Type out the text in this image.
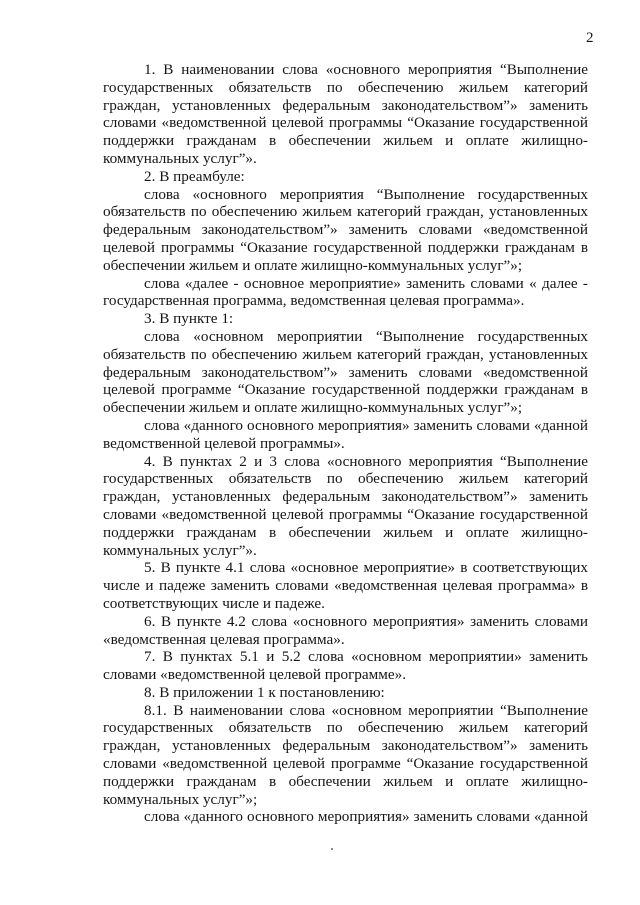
2
1. В наименовании слова «основного мероприятия “Выполнение
государственных обязательств по обеспечению жильем категорий
граждан, установленных федеральным законодательством”» заменить
словами «ведомственной целевой программы “Оказание государственной
поддержки гражданам в обеспечении жильем и оплате жилищно-
коммунальных услуг”».
2. В преамбуле:
слова «основного мероприятия “Выполнение государственных
обязательств по обеспечению жильем категорий граждан, установленных
федеральным законодательством”» заменить словами «ведомственной
целевой программы “Оказание государственной поддержки гражданам в
обеспечении жильем и оплате жилищно-коммунальных услуг”»;
слова «далее - основное мероприятие» заменить словами « далее -
государственная программа, ведомственная целевая программа».
3. В пункте 1:
слова «основном мероприятии “Выполнение государственных
обязательств по обеспечению жильем категорий граждан, установленных
федеральным законодательством”» заменить словами «ведомственной
целевой программе “Оказание государственной поддержки гражданам в
обеспечении жильем и оплате жилищно-коммунальных услуг”»;
слова «данного основного мероприятия» заменить словами «данной
ведомственной целевой программы».
4. В пунктах 2 и 3 слова «основного мероприятия “Выполнение
государственных обязательств по обеспечению жильем категорий
граждан, установленных федеральным законодательством”» заменить
словами «ведомственной целевой программы “Оказание государственной
поддержки гражданам в обеспечении жильем и оплате жилищно-
коммунальных услуг”».
5. В пункте 4.1 слова «основное мероприятие» в соответствующих
числе и падеже заменить словами «ведомственная целевая программа» в
соответствующих числе и падеже.
6. В пункте 4.2 слова «основного мероприятия» заменить словами
«ведомственная целевая программа».
7. В пунктах 5.1 и 5.2 слова «основном мероприятии» заменить
словами «ведомственной целевой программе».
8. В приложении 1 к постановлению:
8.1. В наименовании слова «основном мероприятии “Выполнение
государственных обязательств по обеспечению жильем категорий
граждан, установленных федеральным законодательством”» заменить
словами «ведомственной целевой программе “Оказание государственной
поддержки гражданам в обеспечении жильем и оплате жилищно-
коммунальных услуг”»;
слова «данного основного мероприятия» заменить словами «данной
